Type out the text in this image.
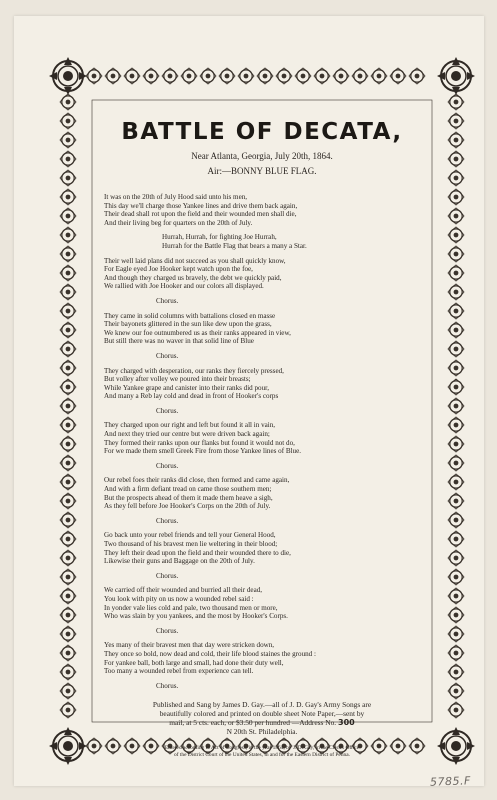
BATTLE OF DECATA,
Near Atlanta, Georgia, July 20th, 1864.
Air:—BONNY BLUE FLAG.
It was on the 20th of July Hood said unto his men,
This day we'll charge those Yankee lines and drive them back again,
Their dead shall rot upon the field and their wounded men shall die,
And their living beg for quarters on the 20th of July.
Hurrah, Hurrah, for fighting Joe Hurrah,
Hurrah for the Battle Flag that bears a many a Star.
Their well laid plans did not succeed as you shall quickly know,
For Eagle eyed Joe Hooker kept watch upon the foe,
And though they charged us bravely, the debt we quickly paid,
We rallied with Joe Hooker and our colors all displayed.
Chorus.
They came in solid columns with battalions closed en masse
Their bayonets glittered in the sun like dew upon the grass,
We knew our foe outnumbered us as their ranks appeared in view,
But still there was no waver in that solid line of Blue
Chorus.
They charged with desperation, our ranks they fiercely pressed,
But volley after volley we poured into their breasts;
While Yankee grape and canister into their ranks did pour,
And many a Reb lay cold and dead in front of Hooker's corps
Chorus.
They charged upon our right and left but found it all in vain,
And next they tried our centre but were driven back again;
They formed their ranks upon our flanks but found it would not do,
For we made them smell Greek Fire from those Yankee lines of Blue.
Chorus.
Our rebel foes their ranks did close, then formed and came again,
And with a firm defiant tread on came those southern men;
But the prospects ahead of them it made them heave a sigh,
As they fell before Joe Hooker's Corps on the 20th of July.
Chorus.
Go back unto your rebel friends and tell your General Hood,
Two thousand of his bravest men lie weltering in their blood;
They left their dead upon the field and their wounded there to die,
Likewise their guns and Baggage on the 20th of July.
Chorus.
We carried off their wounded and burried all their dead,
You look with pity on us now a wounded rebel said :
In yonder vale lies cold and pale, two thousand men or more,
Who was slain by you yankees, and the most by Hooker's Corps.
Chorus.
Yes many of their bravest men that day were stricken down,
They once so bold, now dead and cold, their life blood staines the ground :
For yankee ball, both large and small, had done their duty well,
Too many a wounded rebel from experience can tell.
Chorus.
Published and Sang by James D. Gay.—all of J. D. Gay's Army Songs are
beautifully colored and printed on double sheet Note Paper,—sent by
mail, at 5 cts. each, or $3.50 per hundred —Address No. 300
N 20th St. Philadelphia.
Entered according to Act of Congress, in the year 1864, by J. D. Gay, in the Clerk's Office
of the District Court of the United States, in and for the Eastern District of Penna.
5785.F
